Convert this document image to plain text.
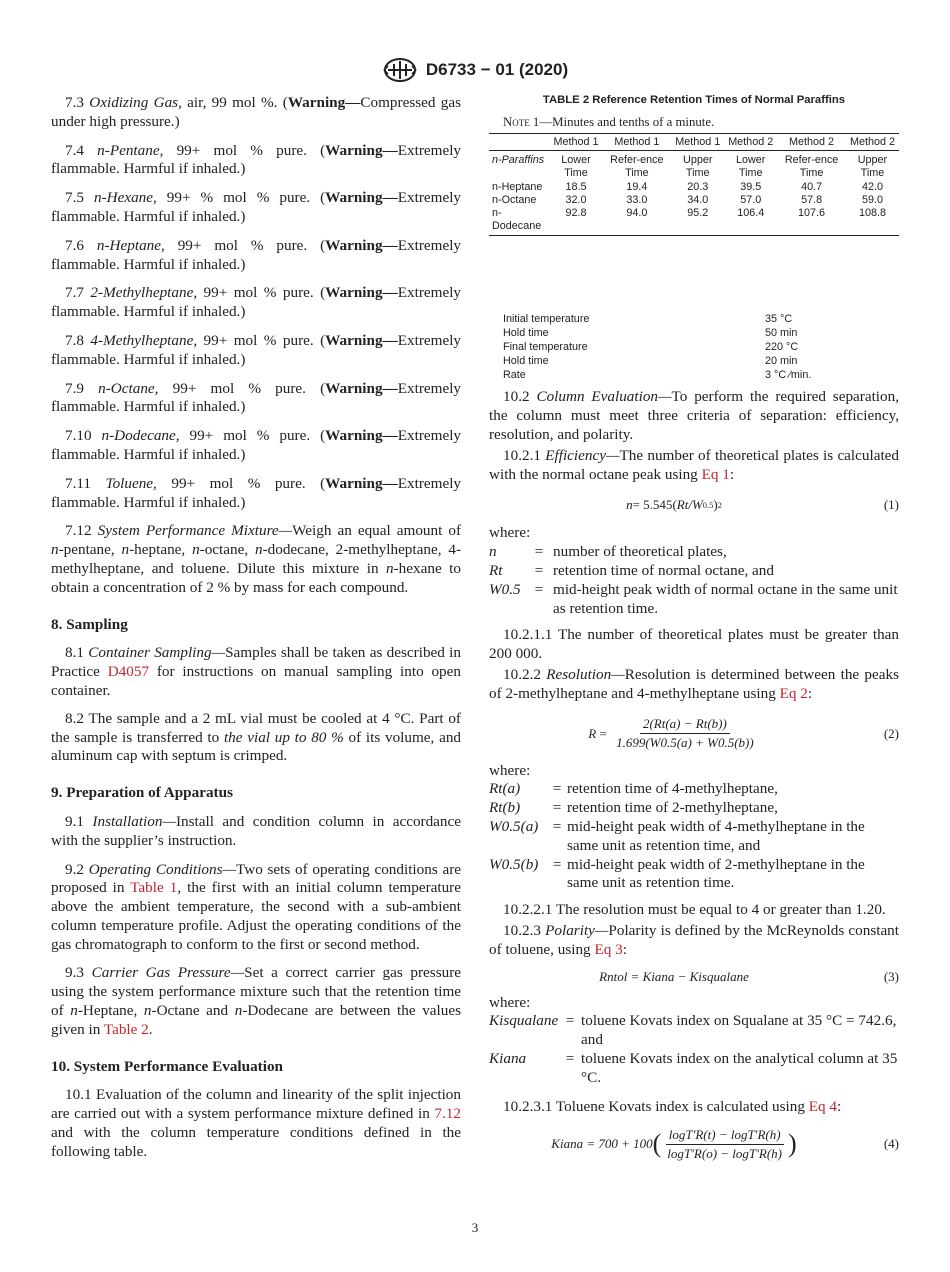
D6733 − 01 (2020)

7.3 Oxidizing Gas, air, 99 mol %. (Warning—Compressed gas under high pressure.)

7.4 n-Pentane, 99+ mol % pure. (Warning—Extremely flammable. Harmful if inhaled.)

7.5 n-Hexane, 99+ % mol % pure. (Warning—Extremely flammable. Harmful if inhaled.)

7.6 n-Heptane, 99+ mol % pure. (Warning—Extremely flammable. Harmful if inhaled.)

7.7 2-Methylheptane, 99+ mol % pure. (Warning—Extremely flammable. Harmful if inhaled.)

7.8 4-Methylheptane, 99+ mol % pure. (Warning—Extremely flammable. Harmful if inhaled.)

7.9 n-Octane, 99+ mol % pure. (Warning—Extremely flammable. Harmful if inhaled.)

7.10 n-Dodecane, 99+ mol % pure. (Warning—Extremely flammable. Harmful if inhaled.)

7.11 Toluene, 99+ mol % pure. (Warning—Extremely flammable. Harmful if inhaled.)

7.12 System Performance Mixture—Weigh an equal amount of n-pentane, n-heptane, n-octane, n-dodecane, 2-methylheptane, 4-methylheptane, and toluene. Dilute this mixture in n-hexane to obtain a concentration of 2 % by mass for each compound.

8. Sampling

8.1 Container Sampling—Samples shall be taken as described in Practice D4057 for instructions on manual sampling into open container.

8.2 The sample and a 2 mL vial must be cooled at 4 °C. Part of the sample is transferred to the vial up to 80 % of its volume, and aluminum cap with septum is crimped.

9. Preparation of Apparatus

9.1 Installation—Install and condition column in accordance with the supplier’s instruction.

9.2 Operating Conditions—Two sets of operating conditions are proposed in Table 1, the first with an initial column temperature above the ambient temperature, the second with a sub-ambient column temperature profile. Adjust the operating conditions of the gas chromatograph to conform to the first or second method.

9.3 Carrier Gas Pressure—Set a correct carrier gas pressure using the system performance mixture such that the retention time of n-Heptane, n-Octane and n-Dodecane are between the values given in Table 2.

10. System Performance Evaluation

10.1 Evaluation of the column and linearity of the split injection are carried out with a system performance mixture defined in 7.12 and with the column temperature conditions defined in the following table.

TABLE 2 Reference Retention Times of Normal Paraffins

Note 1—Minutes and tenths of a minute.

	Method 1	Method 1	Method 1	Method 2	Method 2	Method 2

n-Paraffins	Lower Time	Refer-ence Time	Upper Time	Lower Time	Refer-ence Time	Upper Time
n-Heptane	18.5	19.4	20.3	39.5	40.7	42.0
n-Octane	32.0	33.0	34.0	57.0	57.8	59.0
n-Dodecane	92.8	94.0	95.2	106.4	107.6	108.8
Initial temperature	35 °C
Hold time	50 min
Final temperature	220 °C
Hold time	20 min
Rate	3 °C ⁄min.

10.2 Column Evaluation—To perform the required separation, the column must meet three criteria of separation: efficiency, resolution, and polarity.

10.2.1 Efficiency—The number of theoretical plates is calculated with the normal octane peak using Eq 1:

n = 5.545 ( Rt/W 0.5 ) 2	(1)

where:

n	= number of theoretical plates,
Rt	= retention time of normal octane, and
W0.5 = mid-height peak width of normal octane in the same unit as retention time.

10.2.1.1 The number of theoretical plates must be greater than 200 000.

10.2.2 Resolution—Resolution is determined between the peaks of 2-methylheptane and 4-methylheptane using Eq 2:

$R = \frac{2(Rt(a) - Rt(b))}{1.699(W0.5(a) + W0.5(b))}$	(2)

where:

Rt(a)	= retention time of 4-methylheptane,
Rt(b)	= retention time of 2-methylheptane,
W0.5(a) = mid-height peak width of 4-methylheptane in the same unit as retention time, and
W0.5(b) = mid-height peak width of 2-methylheptane in the same unit as retention time.

10.2.2.1 The resolution must be equal to 4 or greater than 1.20.

10.2.3 Polarity—Polarity is defined by the McReynolds constant of toluene, using Eq 3:

Rntol = Kiana − Kisqualane	(3)

where:

Kisqualane = toluene Kovats index on Squalane at 35 °C = 742.6, and
Kiana	= toluene Kovats index on the analytical column at 35 °C.

10.2.3.1 Toluene Kovats index is calculated using Eq 4:

Kiana = 700 + 100 ( $\frac{\log T'R(t) - \log T'R(h)}{\log T'R(o) - \log T'R(h)}$ )	(4)
3
